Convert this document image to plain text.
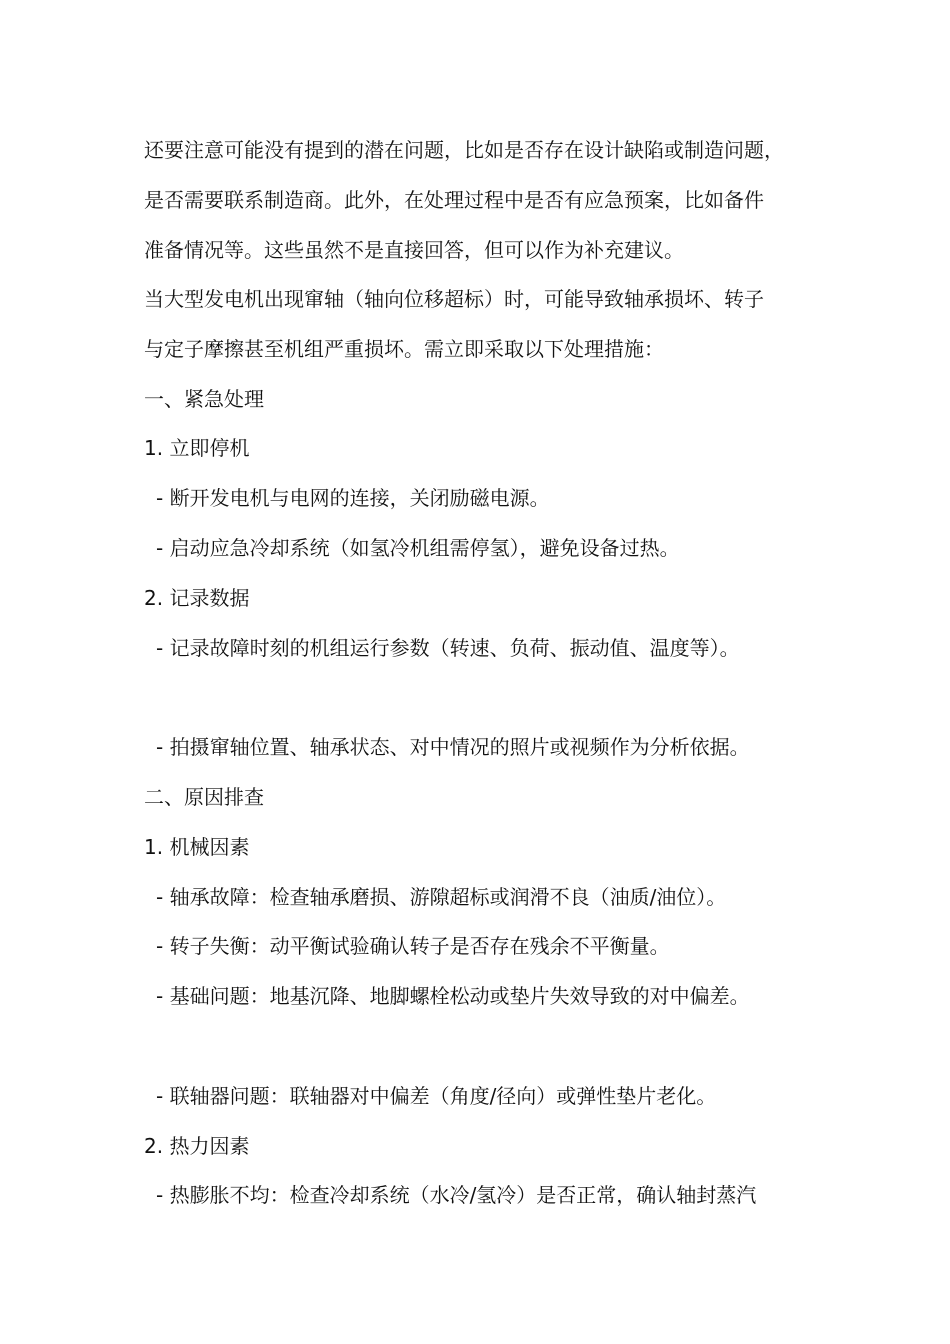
还要注意可能没有提到的潜在问题，比如是否存在设计缺陷或制造问题，
是否需要联系制造商。此外，在处理过程中是否有应急预案，比如备件
准备情况等。这些虽然不是直接回答，但可以作为补充建议。
当大型发电机出现窜轴（轴向位移超标）时，可能导致轴承损坏、转子
与定子摩擦甚至机组严重损坏。需立即采取以下处理措施：
一、紧急处理
1. 立即停机
- 断开发电机与电网的连接，关闭励磁电源。
- 启动应急冷却系统（如氢冷机组需停氢），避免设备过热。
2. 记录数据
- 记录故障时刻的机组运行参数（转速、负荷、振动值、温度等）。
- 拍摄窜轴位置、轴承状态、对中情况的照片或视频作为分析依据。
二、原因排查
1. 机械因素
- 轴承故障：检查轴承磨损、游隙超标或润滑不良（油质/油位）。
- 转子失衡：动平衡试验确认转子是否存在残余不平衡量。
- 基础问题：地基沉降、地脚螺栓松动或垫片失效导致的对中偏差。
- 联轴器问题：联轴器对中偏差（角度/径向）或弹性垫片老化。
2. 热力因素
- 热膨胀不均：检查冷却系统（水冷/氢冷）是否正常，确认轴封蒸汽
